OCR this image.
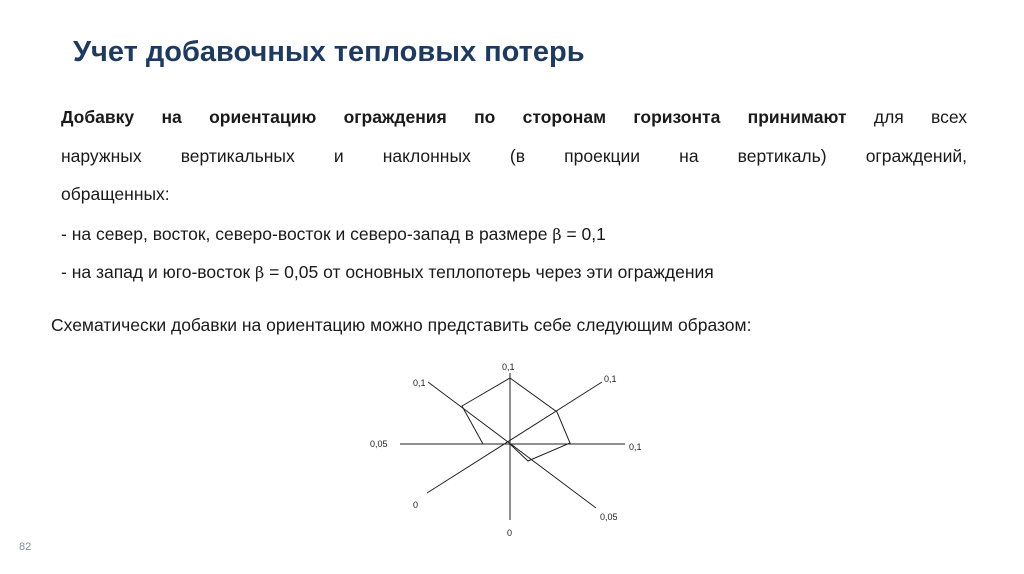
Учет добавочных тепловых потерь
Добавку на ориентацию ограждения по сторонам горизонта принимают для всех
наружных вертикальных и наклонных (в проекции на вертикаль) ограждений,
обращенных:
- на север, восток, северо-восток и северо-запад в размере β = 0,1
- на запад и юго-восток β = 0,05 от основных теплопотерь через эти ограждения
Схематически добавки на ориентацию можно представить себе следующим образом:
0,1
0,1
0,1
0,05
0
0
0,05
0,1
82
